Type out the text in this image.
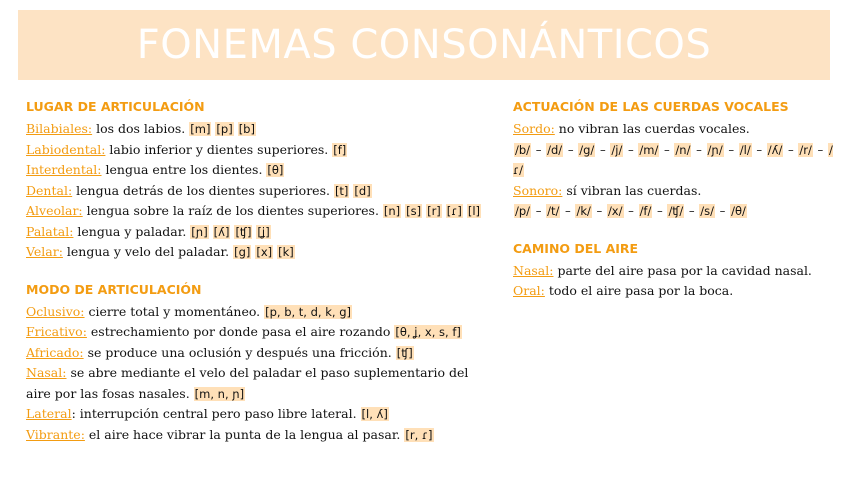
FONEMAS CONSONÁNTICOS
LUGAR DE ARTICULACIÓN
Bilabiales: los dos labios. [m] [p] [b]
Labiodental: labio inferior y dientes superiores. [f]
Interdental: lengua entre los dientes. [θ]
Dental: lengua detrás de los dientes superiores. [t] [d]
Alveolar: lengua sobre la raíz de los dientes superiores. [n] [s] [r] [ɾ] [l]
Palatal: lengua y paladar. [ɲ] [ʎ] [ʧ] [ʝ]
Velar: lengua y velo del paladar. [g] [x] [k]
MODO DE ARTICULACIÓN
Oclusivo: cierre total y momentáneo. [p, b, t, d, k, g]
Fricativo: estrechamiento por donde pasa el aire rozando [θ, ʝ, x, s, f]
Africado: se produce una oclusión y después una fricción. [ʧ]
Nasal: se abre mediante el velo del paladar el paso suplementario del aire por las fosas nasales. [m, n, ɲ]
Lateral: interrupción central pero paso libre lateral. [l, ʎ]
Vibrante: el aire hace vibrar la punta de la lengua al pasar. [r, ɾ]
ACTUACIÓN DE LAS CUERDAS VOCALES
Sordo: no vibran las cuerdas vocales.
/b/ – /d/ – /g/ – /j/ – /m/ – /n/ – /ɲ/ – /l/ – /ʎ/ – /r/ – /ɾ/
Sonoro: sí vibran las cuerdas.
/p/ – /t/ – /k/ – /x/ – /f/ – /ʧ/ – /s/ – /θ/
CAMINO DEL AIRE
Nasal: parte del aire pasa por la cavidad nasal.
Oral: todo el aire pasa por la boca.
